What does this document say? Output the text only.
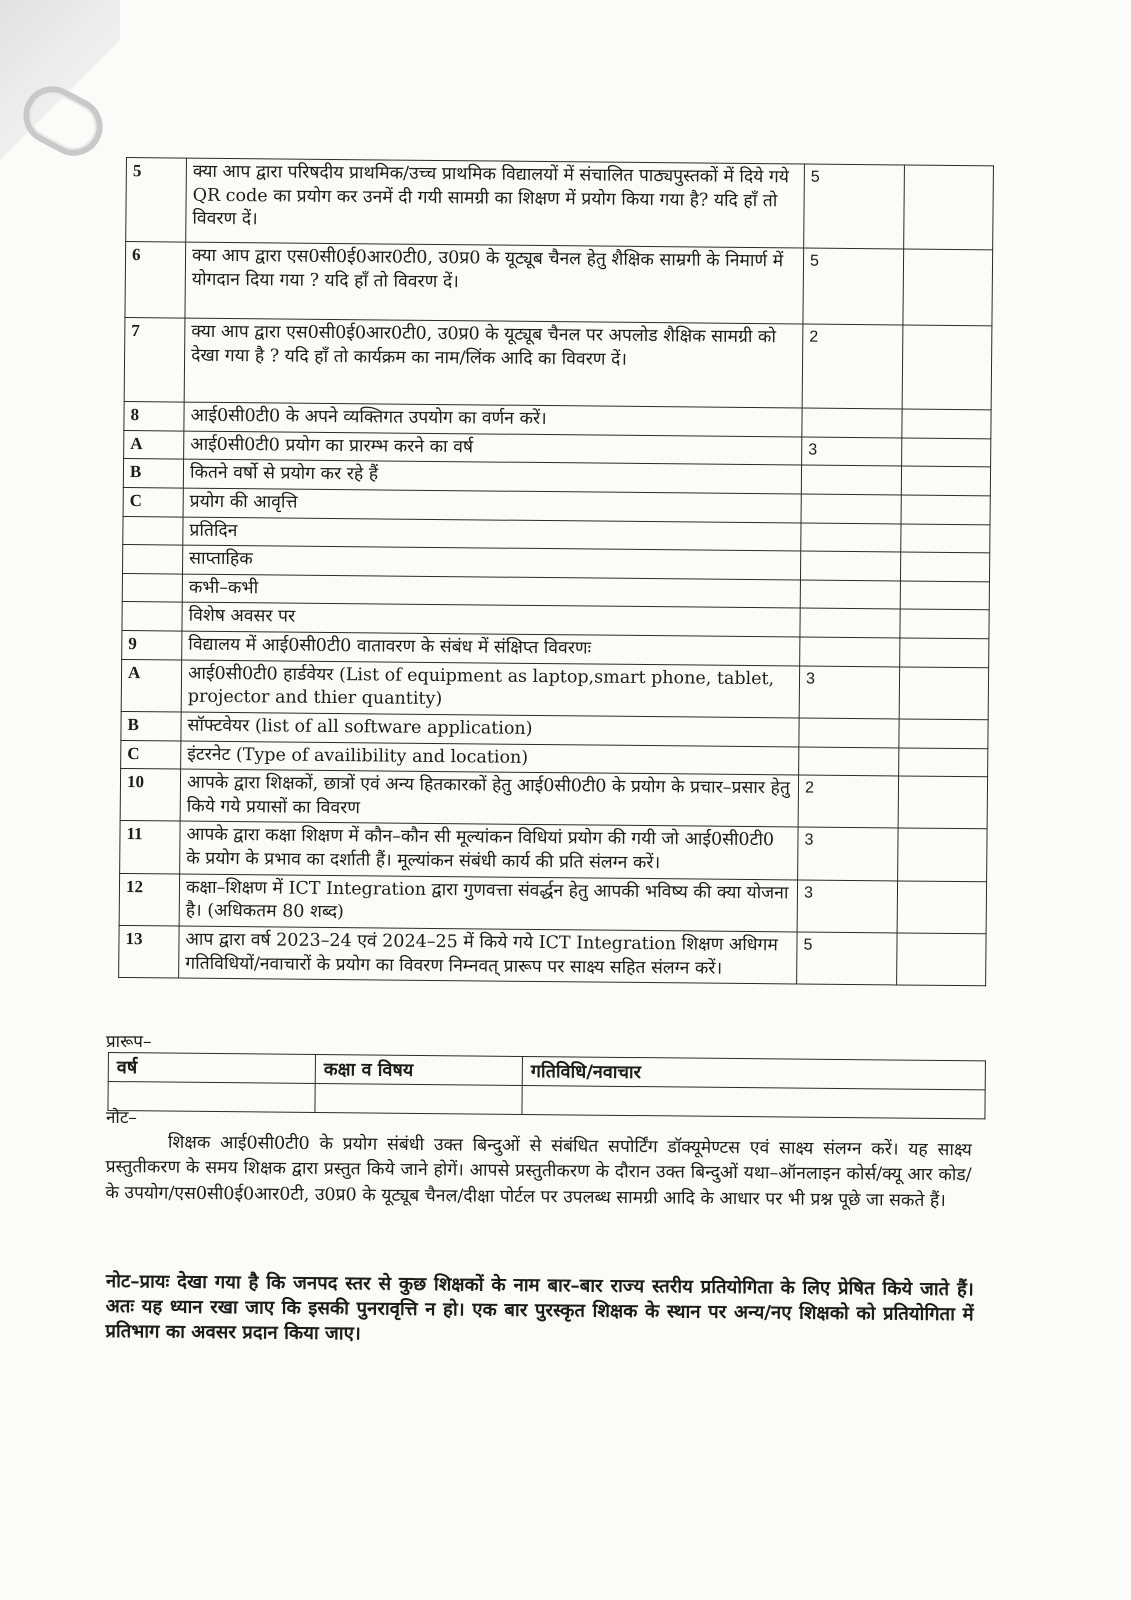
5	क्या आप द्वारा परिषदीय प्राथमिक/उच्च प्राथमिक विद्यालयों में संचालित पाठ्यपुस्तकों में दिये गये QR code का प्रयोग कर उनमें दी गयी सामग्री का शिक्षण में प्रयोग किया गया है? यदि हाँ तो विवरण दें।	5	
6	क्या आप द्वारा एस0सी0ई0आर0टी0, उ0प्र0 के यूट्यूब चैनल हेतु शैक्षिक साम्रगी के निमार्ण में योगदान दिया गया ? यदि हाँ तो विवरण दें।	5	
7	क्या आप द्वारा एस0सी0ई0आर0टी0, उ0प्र0 के यूट्यूब चैनल पर अपलोड शैक्षिक सामग्री को देखा गया है ? यदि हाँ तो कार्यक्रम का नाम/लिंक आदि का विवरण दें।	2	
8	आई0सी0टी0 के अपने व्यक्तिगत उपयोग का वर्णन करें।		
A	आई0सी0टी0 प्रयोग का प्रारम्भ करने का वर्ष	3	
B	कितने वर्षो से प्रयोग कर रहे हैं		
C	प्रयोग की आवृत्ति		
	प्रतिदिन		
	साप्ताहिक		
	कभी–कभी		
	विशेष अवसर पर		
9	विद्यालय में आई0सी0टी0 वातावरण के संबंध में संक्षिप्त विवरणः		
A	आई0सी0टी0 हार्डवेयर (List of equipment as laptop,smart phone, tablet, projector and thier quantity)	3	
B	सॉफ्टवेयर (list of all software application)		
C	इंटरनेट (Type of availibility and location)		
10	आपके द्वारा शिक्षकों, छात्रों एवं अन्य हितकारकों हेतु आई0सी0टी0 के प्रयोग के प्रचार–प्रसार हेतु किये गये प्रयासों का विवरण	2	
11	आपके द्वारा कक्षा शिक्षण में कौन–कौन सी मूल्यांकन विधियां प्रयोग की गयी जो आई0सी0टी0 के प्रयोग के प्रभाव का दर्शाती हैं। मूल्यांकन संबंधी कार्य की प्रति संलग्न करें।	3	
12	कक्षा–शिक्षण में ICT Integration द्वारा गुणवत्ता संवर्द्धन हेतु आपकी भविष्य की क्या योजना है। (अधिकतम 80 शब्द)	3	
13	आप द्वारा वर्ष 2023–24 एवं 2024–25 में किये गये ICT Integration शिक्षण अधिगम गतिविधियों/नवाचारों के प्रयोग का विवरण निम्नवत् प्रारूप पर साक्ष्य सहित संलग्न करें।	5	
प्रारूप–
वर्ष	कक्षा व विषय	गतिविधि/नवाचार

नोट–
शिक्षक आई0सी0टी0 के प्रयोग संबंधी उक्त बिन्दुओं से संबंधित सपोर्टिंग डॉक्यूमेण्टस एवं साक्ष्य संलग्न करें। यह साक्ष्य प्रस्तुतीकरण के समय शिक्षक द्वारा प्रस्तुत किये जाने होगें। आपसे प्रस्तुतीकरण के दौरान उक्त बिन्दुओं यथा–ऑनलाइन कोर्स/क्यू आर कोड/के उपयोग/एस0सी0ई0आर0टी, उ0प्र0 के यूट्यूब चैनल/दीक्षा पोर्टल पर उपलब्ध सामग्री आदि के आधार पर भी प्रश्न पूछे जा सकते हैं।
नोट–प्रायः देखा गया है कि जनपद स्तर से कुछ शिक्षकों के नाम बार–बार राज्य स्तरीय प्रतियोगिता के लिए प्रेषित किये जाते हैं। अतः यह ध्यान रखा जाए कि इसकी पुनरावृत्ति न हो। एक बार पुरस्कृत शिक्षक के स्थान पर अन्य/नए शिक्षको को प्रतियोगिता में प्रतिभाग का अवसर प्रदान किया जाए।
